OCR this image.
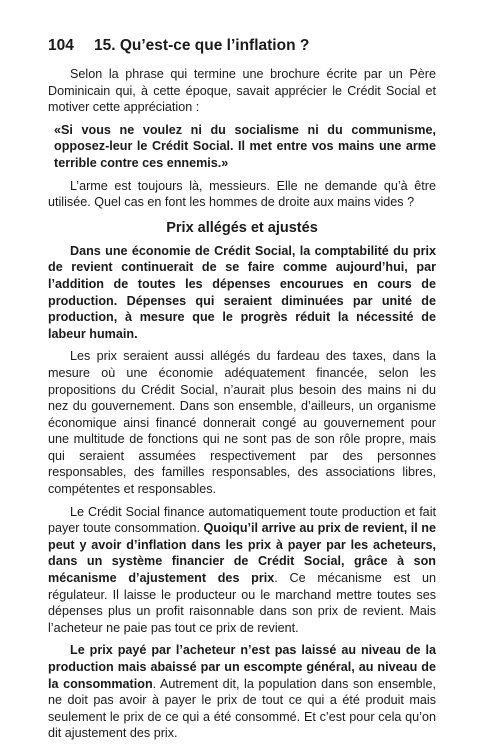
104	15. Qu’est-ce que l’inflation ?

Selon la phrase qui termine une brochure écrite par un Père Dominicain qui, à cette époque, savait apprécier le Crédit Social et motiver cette appréciation :

«Si vous ne voulez ni du socialisme ni du communisme, opposez-leur le Crédit Social. Il met entre vos mains une arme terrible contre ces ennemis.»

L’arme est toujours là, messieurs. Elle ne demande qu’à être utilisée. Quel cas en font les hommes de droite aux mains vides ?

Prix allégés et ajustés

Dans une économie de Crédit Social, la comptabilité du prix de revient continuerait de se faire comme aujourd’hui, par l’addition de toutes les dépenses encourues en cours de production. Dépenses qui seraient diminuées par unité de production, à mesure que le progrès réduit la nécessité de labeur humain.

Les prix seraient aussi allégés du fardeau des taxes, dans la mesure où une économie adéquatement financée, selon les propositions du Crédit Social, n’aurait plus besoin des mains ni du nez du gouvernement. Dans son ensemble, d’ailleurs, un organisme économique ainsi financé donnerait congé au gouvernement pour une multitude de fonctions qui ne sont pas de son rôle propre, mais qui seraient assumées respectivement par des personnes responsables, des familles responsables, des associations libres, compétentes et responsables.

Le Crédit Social finance automatiquement toute production et fait payer toute consommation. Quoiqu’il arrive au prix de revient, il ne peut y avoir d’inflation dans les prix à payer par les acheteurs, dans un système financier de Crédit Social, grâce à son mécanisme d’ajustement des prix. Ce mécanisme est un régulateur. Il laisse le producteur ou le marchand mettre toutes ses dépenses plus un profit raisonnable dans son prix de revient. Mais l’acheteur ne paie pas tout ce prix de revient.

Le prix payé par l’acheteur n’est pas laissé au niveau de la production mais abaissé par un escompte général, au niveau de la consommation. Autrement dit, la population dans son ensemble, ne doit pas avoir à payer le prix de tout ce qui a été produit mais seulement le prix de ce qui a été consommé. Et c’est pour cela qu’on dit ajustement des prix.
